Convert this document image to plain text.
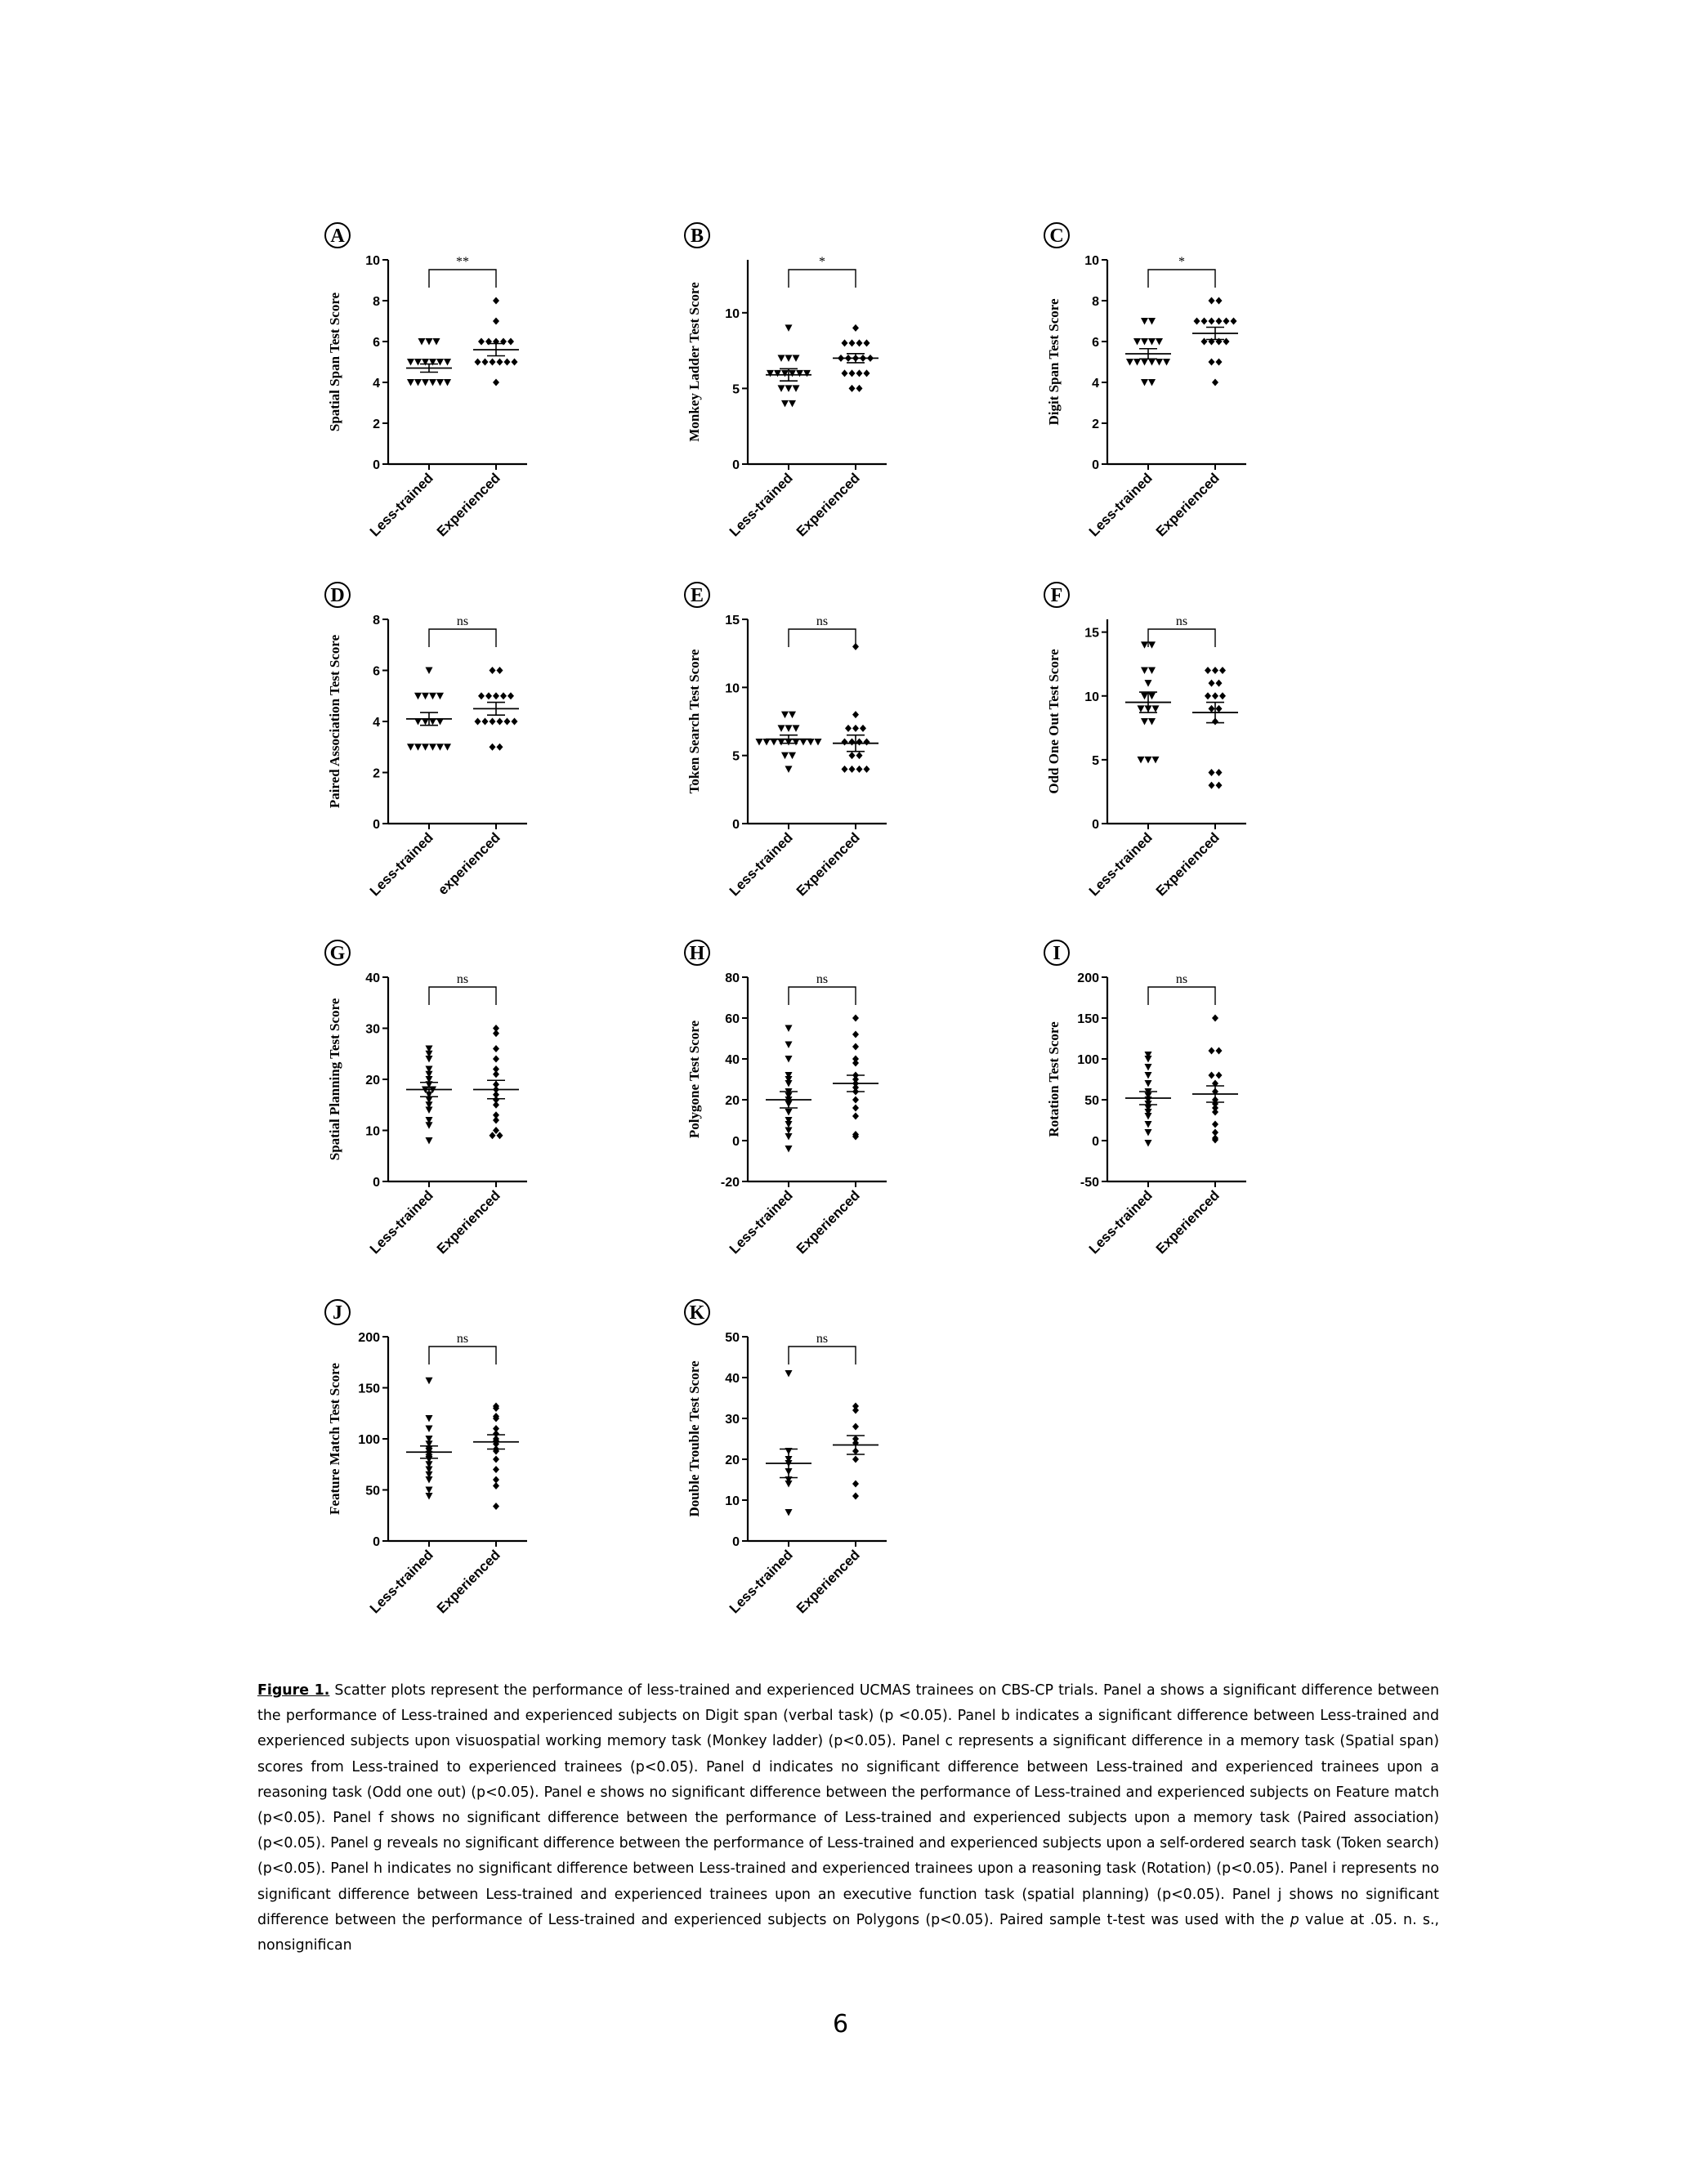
A
Spatial Span Test Score
10
8
6
4
2
0
Less-trained
Experienced
**
B
Monkey Ladder Test Score 10
5
0
Less-trained
Experienced
*
C
Digit Span Test Score
10
8
6
4
2
0
Less-trained
Experienced
*
D
Paired Association Test Score
8
6
4
2
0
Less-trained
experienced
ns
E
Token Search Test Score
15
10
5
0
Less-trained
Experienced
ns
F
Odd One Out Test Score
15
10
5
0
Less-trained
Experienced
ns
G
Spatial Planning Test Score
40
30
20
10
0
Less-trained
Experienced
ns
H
Polygone Test Score
80
60
40
20
0
-20
Less-trained
Experienced
ns
I
Rotation Test Score
200
150
100
50
0
-50
Less-trained
Experienced
ns
J
Feature Match Test Score
200
150
100
50
0
Less-trained
Experienced
ns
K
Double Trouble Test Score
50
40
30
20
10
0
Less-trained
Experienced
ns
Figure 1. Scatter plots represent the performance of less-trained and experienced UCMAS trainees on CBS-CP trials. Panel a shows a significant difference between the performance of Less-trained and experienced subjects on Digit span (verbal task) (p <0.05). Panel b indicates a significant difference between Less-trained and experienced subjects upon visuospatial working memory task (Monkey ladder) (p<0.05). Panel c represents a significant difference in a memory task (Spatial span) scores from Less-trained to experienced trainees (p<0.05). Panel d indicates no significant difference between Less-trained and experienced trainees upon a reasoning task (Odd one out) (p<0.05). Panel e shows no significant difference between the performance of Less-trained and experienced subjects on Feature match (p<0.05). Panel f shows no significant difference between the performance of Less-trained and experienced subjects upon a memory task (Paired association) (p<0.05). Panel g reveals no significant difference between the performance of Less-trained and experienced subjects upon a self-ordered search task (Token search) (p<0.05). Panel h indicates no significant difference between Less-trained and experienced trainees upon a reasoning task (Rotation) (p<0.05). Panel i represents no significant difference between Less-trained and experienced trainees upon an executive function task (spatial planning) (p<0.05). Panel j shows no significant difference between the performance of Less-trained and experienced subjects on Polygons (p<0.05). Paired sample t-test was used with the p value at .05. n. s., nonsignifican
6
